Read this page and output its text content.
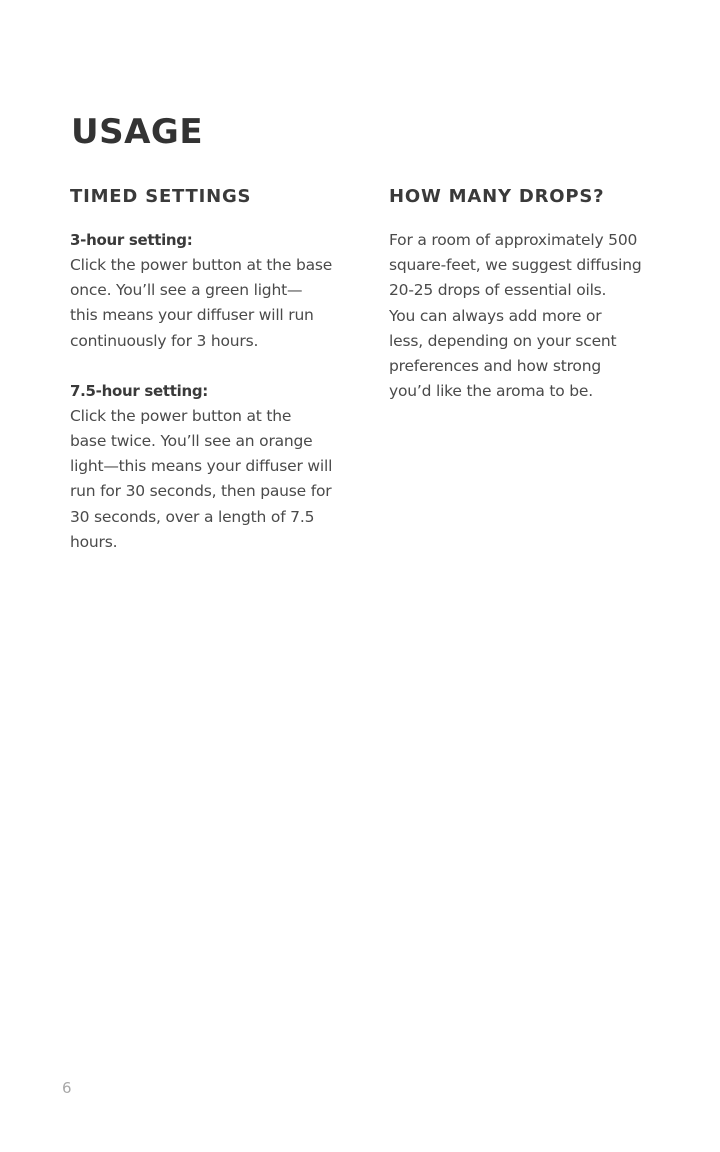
USAGE
TIMED SETTINGS
3-hour setting:
Click the power button at the base
once. You’ll see a green light—
this means your diffuser will run
continuously for 3 hours.
7.5-hour setting:
Click the power button at the
base twice. You’ll see an orange
light—this means your diffuser will
run for 30 seconds, then pause for
30 seconds, over a length of 7.5
hours.
HOW MANY DROPS?
For a room of approximately 500
square-feet, we suggest diffusing
20-25 drops of essential oils.
You can always add more or
less, depending on your scent
preferences and how strong
you’d like the aroma to be.
6
